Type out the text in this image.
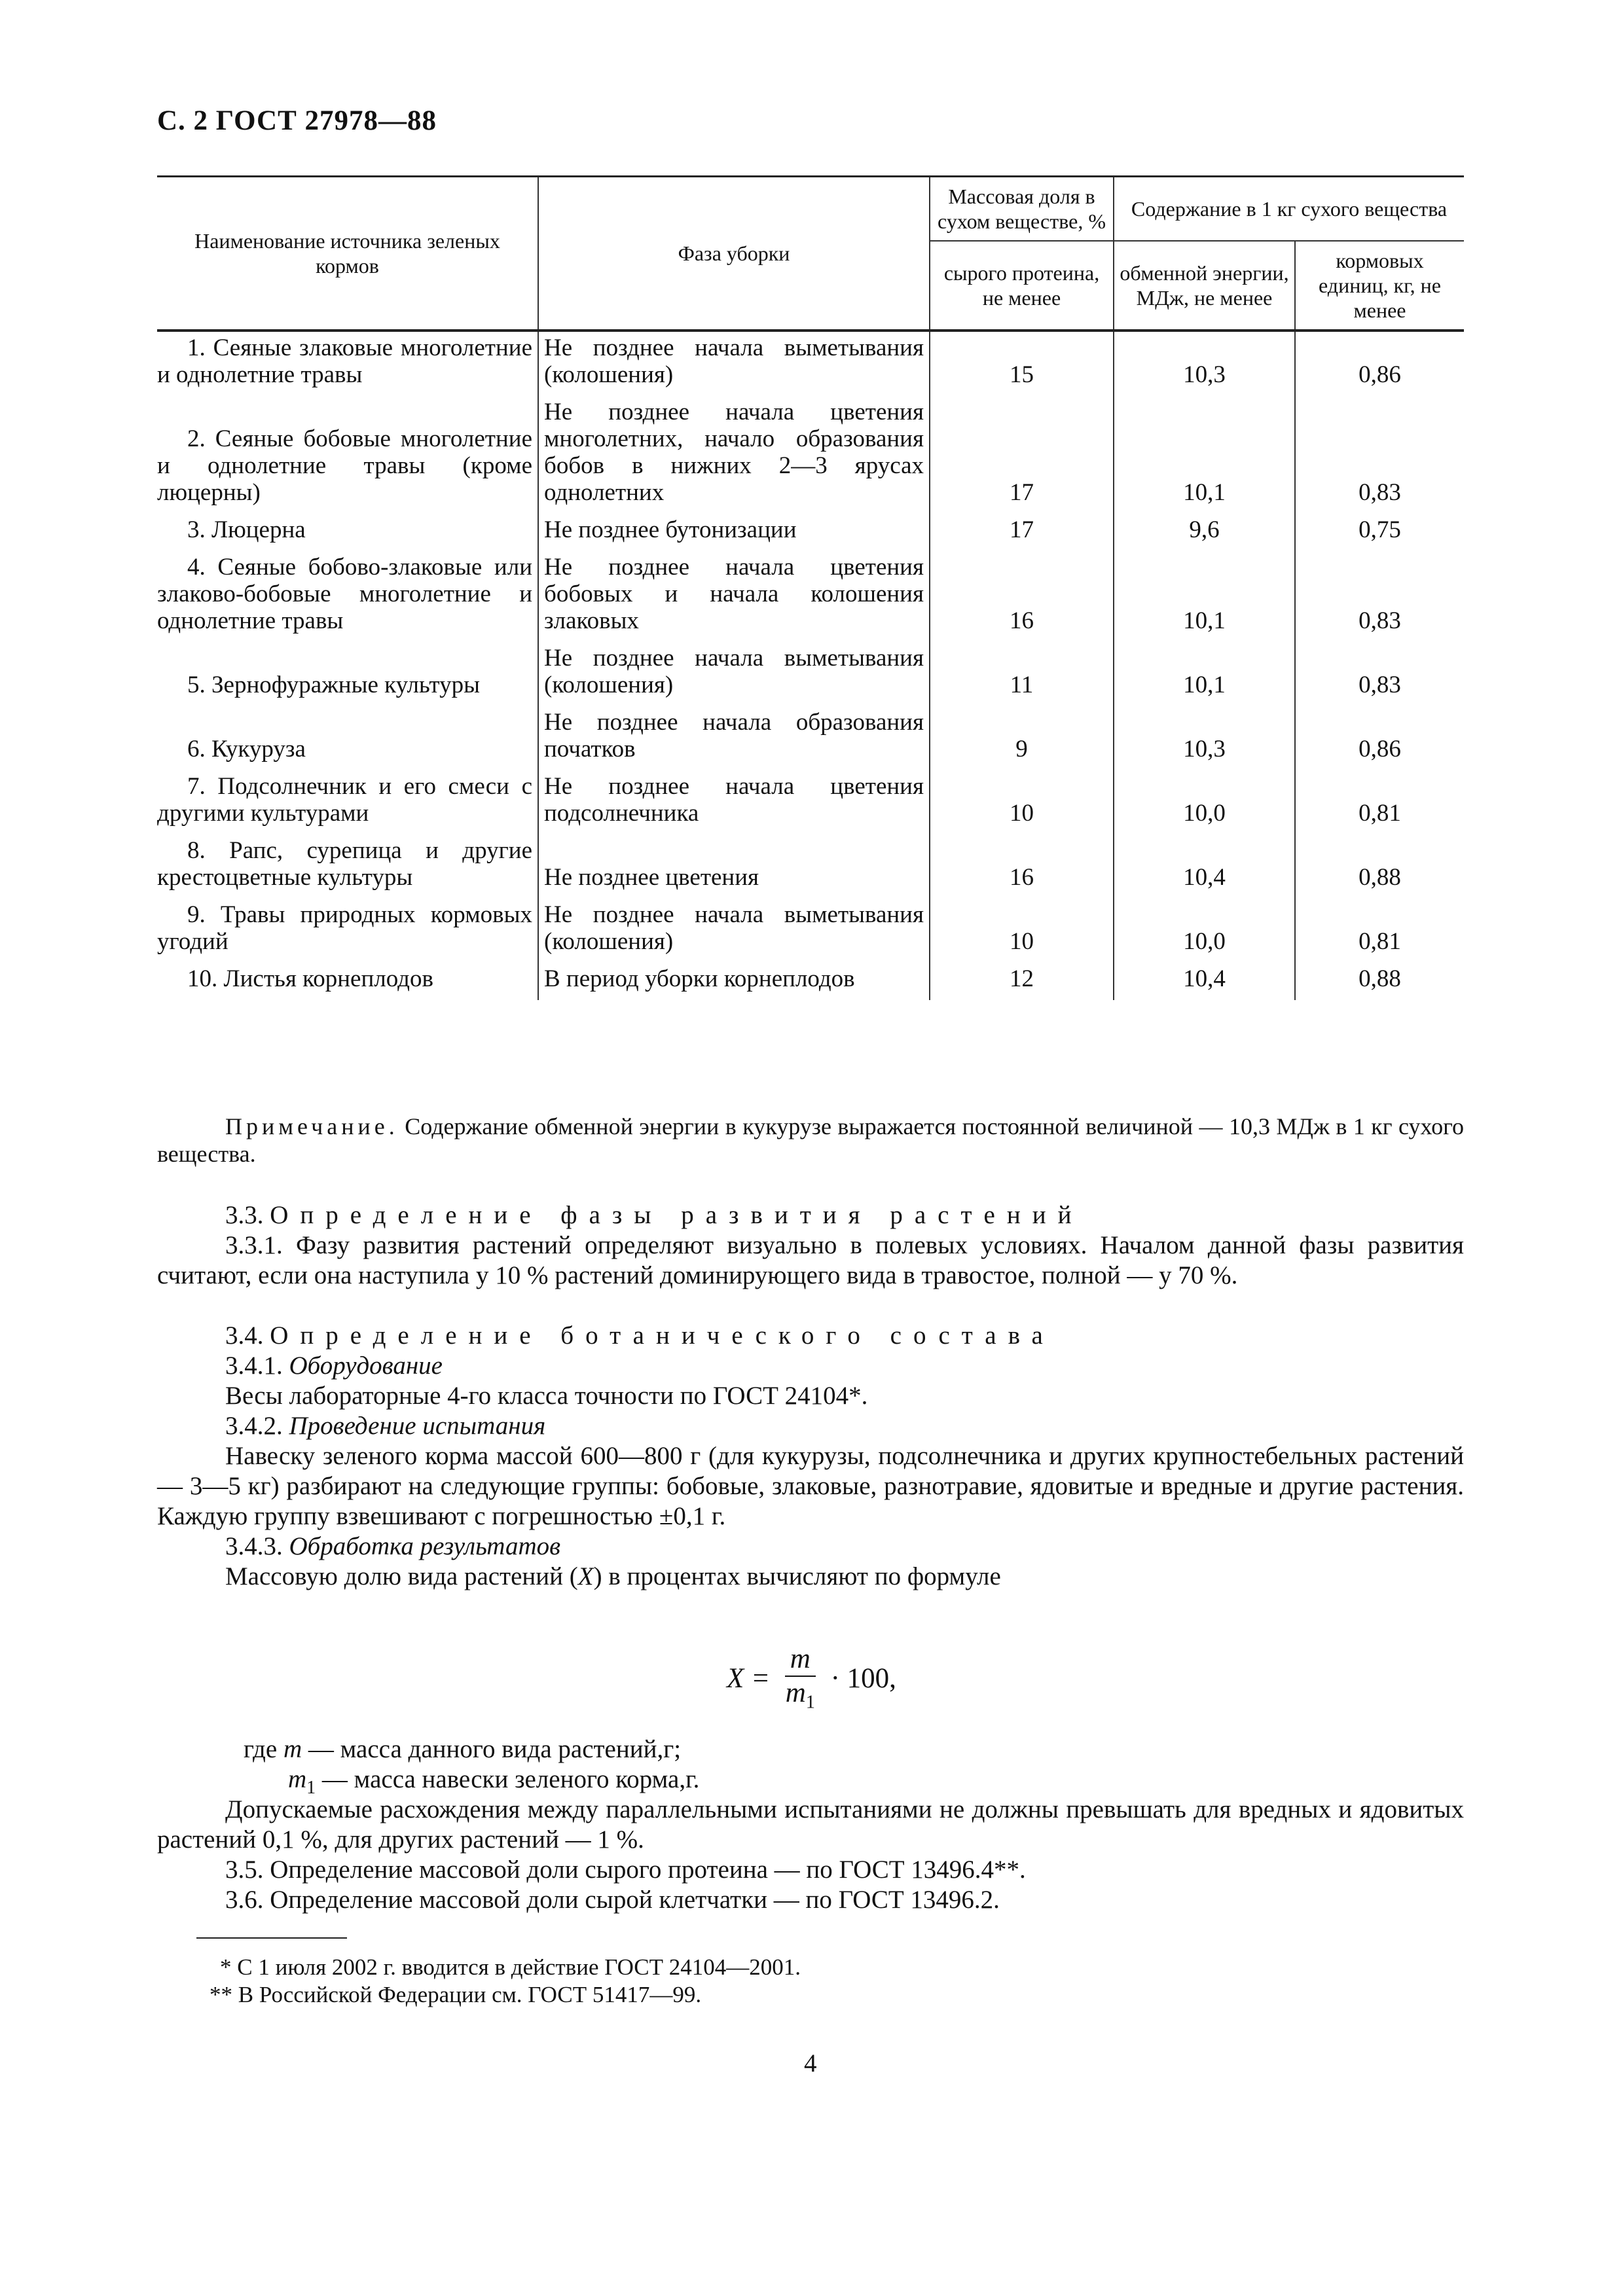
С. 2 ГОСТ 27978—88
Наименование источника зеленых кормов	Фаза уборки	Массовая доля в сухом веществе, %	Содержание в 1 кг сухого вещества	
		сырого протеина, не менее	обменной энергии, МДж, не менее	кормовых единиц, кг, не менее
1. Сеяные злаковые многолетние и однолетние травы	Не позднее начала выметывания (колошения)	15	10,3	0,86
2. Сеяные бобовые многолетние и однолетние травы (кроме люцерны)	Не позднее начала цветения многолетних, начало образования бобов в нижних 2—3 ярусах однолетних	17	10,1	0,83
3. Люцерна	Не позднее бутонизации	17	9,6	0,75
4. Сеяные бобово-злаковые или злаково-бобовые многолетние и однолетние травы	Не позднее начала цветения бобовых и начала колошения злаковых	16	10,1	0,83
5. Зернофуражные культуры	Не позднее начала выметывания (колошения)	11	10,1	0,83
6. Кукуруза	Не позднее начала образования початков	9	10,3	0,86
7. Подсолнечник и его смеси с другими культурами	Не позднее начала цветения подсолнечника	10	10,0	0,81
8. Рапс, сурепица и другие крестоцветные культуры	Не позднее цветения	16	10,4	0,88
9. Травы природных кормовых угодий	Не позднее начала выметывания (колошения)	10	10,0	0,81
10. Листья корнеплодов	В период уборки корнеплодов	12	10,4	0,88
Примечание. Содержание обменной энергии в кукурузе выражается постоянной величиной — 10,3 МДж в 1 кг сухого вещества.
3.3. Определение фазы развития растений
3.3.1. Фазу развития растений определяют визуально в полевых условиях. Началом данной фазы развития считают, если она наступила у 10 % растений доминирующего вида в травостое, полной — у 70 %.
3.4. Определение ботанического состава
3.4.1. Оборудование
Весы лабораторные 4-го класса точности по ГОСТ 24104*.
3.4.2. Проведение испытания
Навеску зеленого корма массой 600—800 г (для кукурузы, подсолнечника и других крупностебельных растений — 3—5 кг) разбирают на следующие группы: бобовые, злаковые, разнотравие, ядовитые и вредные и другие растения. Каждую группу взвешивают с погрешностью ±0,1 г.
3.4.3. Обработка результатов
Массовую долю вида растений (X) в процентах вычисляют по формуле
$X = \frac{m}{m_1} \cdot 100$,
где m — масса данного вида растений,г;
$m_1$ — масса навески зеленого корма,г.
Допускаемые расхождения между параллельными испытаниями не должны превышать для вредных и ядовитых растений 0,1 %, для других растений — 1 %.
3.5. Определение массовой доли сырого протеина — по ГОСТ 13496.4**.
3.6. Определение массовой доли сырой клетчатки — по ГОСТ 13496.2.
* С 1 июля 2002 г. вводится в действие ГОСТ 24104—2001.
** В Российской Федерации см. ГОСТ 51417—99.
4
